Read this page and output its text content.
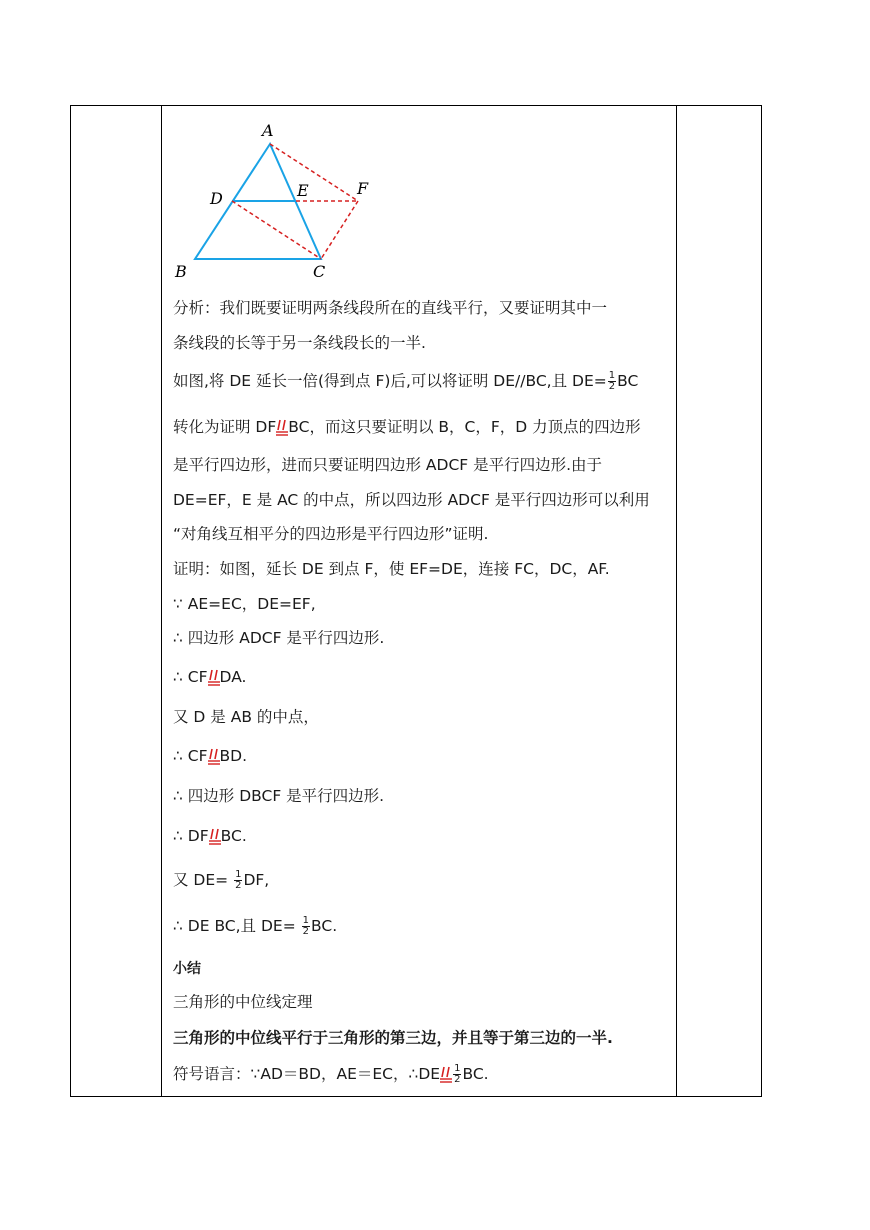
A
B	C
D	E	F
分析：我们既要证明两条线段所在的直线平行，又要证明其中一
条线段的长等于另一条线段长的一半.
如图,将 DE 延长一倍(得到点 F)后,可以将证明 DE//BC,且 $DE= \frac{1}{2}$ BC
转化为证明 DF BC，而这只要证明以 B，C，F，D 力顶点的四边形
是平行四边形，进而只要证明四边形 ADCF 是平行四边形.由于
DE=EF，E 是 AC 的中点，所以四边形 ADCF 是平行四边形可以利用
“对角线互相平分的四边形是平行四边形”证明.
证明：如图，延长 DE 到点 F，使 EF=DE，连接 FC，DC，AF.
∵ AE=EC，DE=EF,
∴ 四边形 ADCF 是平行四边形.
∴ CF DA.
又 D 是 AB 的中点，
∴ CF BD.
∴ 四边形 DBCF 是平行四边形.
∴ DF BC.
又 $DE= \frac{1}{2}$ DF,
∴ DE BC,且 $DE= \frac{1}{2}$ BC.
小结
三角形的中位线定理
三角形的中位线平行于三角形的第三边，并且等于第三边的一半.
符号语言：∵AD＝BD，AE＝EC，∴DE $\frac{1}{2}$ BC.
